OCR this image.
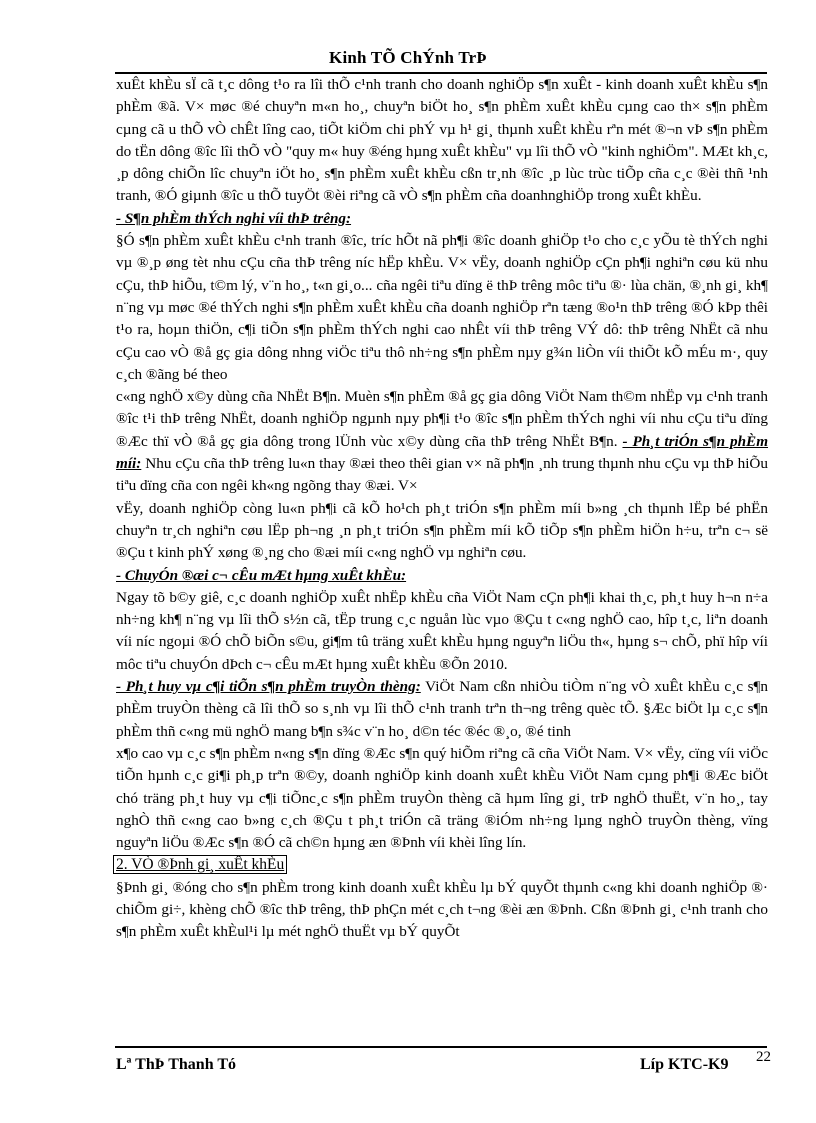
Kinh TÕ ChÝnh TrÞ

xuÊt khÈu sÏ cã t¸c dông t¹o ra lîi thÕ c¹nh tranh cho doanh nghiÖp s¶n xuÊt - kinh doanh xuÊt khÈu s¶n phÈm ®ã. V× møc ®é chuyªn m«n ho¸, chuyªn biÖt ho¸ s¶n phÈm xuÊt khÈu cµng cao th× s¶n phÈm cµng cã u thÕ vÒ chÊt lîng cao, tiÕt kiÖm chi phÝ vµ h¹ gi¸ thµnh xuÊt khÈu rªn mét ®¬n vÞ s¶n phÈm do tËn dông ®îc lîi thÕ vÒ "quy m« huy ®éng hµng xuÊt khÈu" vµ lîi thÕ vÒ "kinh nghiÖm". MÆt kh¸c, ¸p dông chiÕn lîc chuyªn iÖt ho¸ s¶n phÈm xuÊt khÈu cßn tr¸nh ®îc ¸p lùc trùc tiÕp cña c¸c ®èi thñ ¹nh tranh, ®Ó giµnh ®îc u thÕ tuyÖt ®èi riªng cã vÒ s¶n phÈm cña doanhnghiÖp trong xuÊt khÈu.

- S¶n phÈm thÝch nghi víi thÞ trêng:

§Ó s¶n phÈm xuÊt khÈu c¹nh tranh ®îc, tríc hÕt nã ph¶i ®îc doanh ghiÖp t¹o cho c¸c yÕu tè thÝch nghi vµ ®¸p øng tèt nhu cÇu cña thÞ trêng níc hËp khÈu. V× vËy, doanh nghiÖp cÇn ph¶i nghiªn cøu kü nhu cÇu, thÞ hiÕu, t©m lý, v¨n ho¸, t«n gi¸o... cña ngêi tiªu dïng ë thÞ trêng môc tiªu ®· lùa chän, ®¸nh gi¸ kh¶ n¨ng vµ møc ®é thÝch nghi s¶n phÈm xuÊt khÈu cña doanh nghiÖp rªn tæng ®o¹n thÞ trêng ®Ó kÞp thêi t¹o ra, hoµn thiÖn, c¶i tiÕn s¶n phÈm thÝch nghi cao nhÊt víi thÞ trêng VÝ dô: thÞ trêng NhËt cã nhu cÇu cao vÒ ®å gç gia dông nhng viÖc tiªu thô nh÷ng s¶n phÈm nµy g¾n liÒn víi thiÕt kÕ mÉu m·, quy c¸ch ®ãng bé theo

c«ng nghÖ x©y dùng cña NhËt B¶n. Muèn s¶n phÈm ®å gç gia dông ViÖt Nam th©m nhËp vµ c¹nh tranh ®îc t¹i thÞ trêng NhËt, doanh nghiÖp ngµnh nµy ph¶i t¹o ®îc s¶n phÈm thÝch nghi víi nhu cÇu tiªu dïng ®Æc thï vÒ ®å gç gia dông trong lÜnh vùc x©y dùng cña thÞ trêng NhËt B¶n. - Ph¸t triÓn s¶n phÈm míi: Nhu cÇu cña thÞ trêng lu«n thay ®æi theo thêi gian v× nã ph¶n ¸nh trung thµnh nhu cÇu vµ thÞ hiÕu tiªu dïng cña con ngêi kh«ng ngõng thay ®æi. V×

vËy, doanh nghiÖp còng lu«n ph¶i cã kÕ ho¹ch ph¸t triÓn s¶n phÈm míi b»ng ¸ch thµnh lËp bé phËn chuyªn tr¸ch nghiªn cøu lËp ph¬ng ¸n ph¸t triÓn s¶n phÈm míi kÕ tiÕp s¶n phÈm hiÖn h÷u, trªn c¬ së ®Çu t kinh phÝ xøng ®¸ng cho ®æi míi c«ng nghÖ vµ nghiªn cøu.

- ChuyÓn ®æi c¬ cÊu mÆt hµng xuÊt khÈu:

Ngay tõ b©y giê, c¸c doanh nghiÖp xuÊt nhËp khÈu cña ViÖt Nam cÇn ph¶i khai th¸c, ph¸t huy h¬n n÷a nh÷ng kh¶ n¨ng vµ lîi thÕ s½n cã, tËp trung c¸c nguån lùc vµo ®Çu t c«ng nghÖ cao, hîp t¸c, liªn doanh víi níc ngoµi ®Ó chÕ biÕn s©u, gi¶m tû träng xuÊt khÈu hµng nguyªn liÖu th«, hµng s¬ chÕ, phï hîp víi môc tiªu chuyÓn dÞch c¬ cÊu mÆt hµng xuÊt khÈu ®Õn 2010.

- Ph¸t huy vµ c¶i tiÕn s¶n phÈm truyÒn thèng: ViÖt Nam cßn nhiÒu tiÒm n¨ng vÒ xuÊt khÈu c¸c s¶n phÈm truyÒn thèng cã lîi thÕ so s¸nh vµ lîi thÕ c¹nh tranh trªn th¬ng trêng quèc tÕ. §Æc biÖt lµ c¸c s¶n phÈm thñ c«ng mü nghÖ mang b¶n s¾c v¨n ho¸ d©n téc ®éc ®¸o, ®é tinh

x¶o cao vµ c¸c s¶n phÈm n«ng s¶n dïng ®Æc s¶n quý hiÕm riªng cã cña ViÖt Nam. V× vËy, cïng víi viÖc tiÕn hµnh c¸c gi¶i ph¸p trªn ®©y, doanh nghiÖp kinh doanh xuÊt khÈu ViÖt Nam cµng ph¶i ®Æc biÖt chó träng ph¸t huy vµ c¶i tiÕnc¸c s¶n phÈm truyÒn thèng cã hµm lîng gi¸ trÞ nghÖ thuËt, v¨n ho¸, tay nghÒ thñ c«ng cao b»ng c¸ch ®Çu t ph¸t triÓn cã träng ®iÓm nh÷ng lµng nghÒ truyÒn thèng, vïng nguyªn liÖu ®Æc s¶n ®Ó cã ch©n hµng æn ®Þnh víi khèi lîng lín.

2. VÒ ®Þnh gi¸ xuÊt khÈu

§Þnh gi¸ ®óng cho s¶n phÈm trong kinh doanh xuÊt khÈu lµ bÝ quyÕt thµnh c«ng khi doanh nghiÖp ®· chiÕm gi÷, khèng chÕ ®îc thÞ trêng, thÞ phÇn mét c¸ch t¬ng ®èi æn ®Þnh. Cßn ®Þnh gi¸ c¹nh tranh cho s¶n phÈm xuÊt khÈul¹i lµ mét nghÖ thuËt vµ bÝ quyÕt

Lª ThÞ Thanh Tó	Líp KTC-K9 22
